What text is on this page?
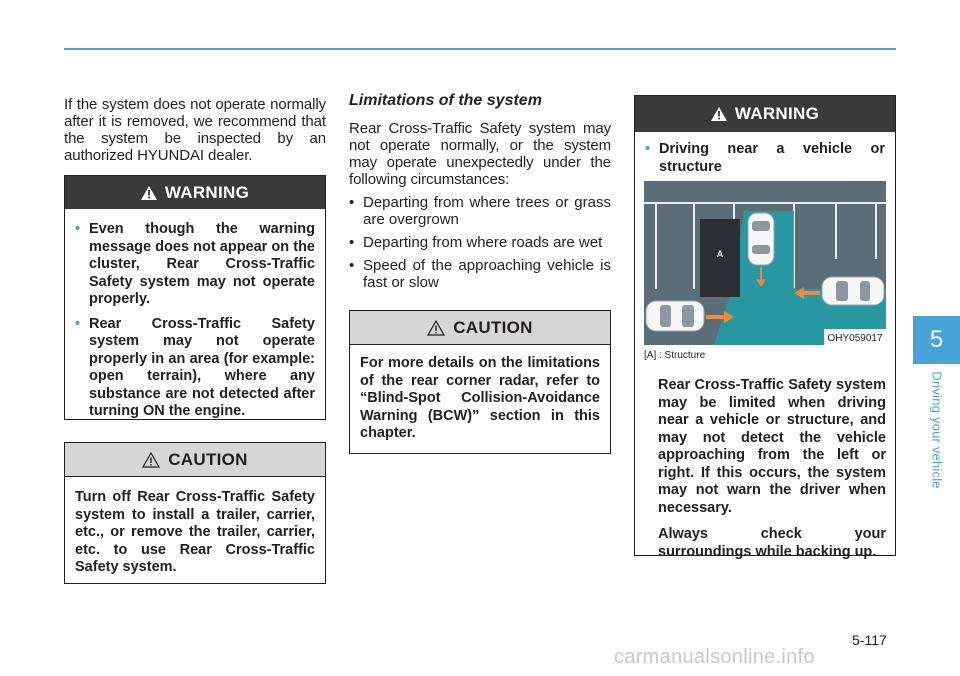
If the system does not operate normally after it is removed, we recommend that the system be inspected by an authorized HYUNDAI dealer.

WARNING
• Even though the warning message does not appear on the cluster, Rear Cross-Traffic Safety system may not operate properly.
• Rear Cross-Traffic Safety system may not operate properly in an area (for example: open terrain), where any substance are not detected after turning ON the engine.
CAUTION

Turn off Rear Cross-Traffic Safety system to install a trailer, carrier, etc., or remove the trailer, carrier, etc. to use Rear Cross-Traffic Safety system.

Limitations of the system

Rear Cross-Traffic Safety system may not operate normally, or the system may operate unexpectedly under the following circumstances:

• Departing from where trees or grass are overgrown
• Departing from where roads are wet
• Speed of the approaching vehicle is fast or slow
CAUTION

For more details on the limitations of the rear corner radar, refer to “Blind-Spot Collision-Avoidance Warning (BCW)” section in this chapter.

WARNING
• Driving near a vehicle or structure
A
OHY059017
[A] : Structure

Rear Cross-Traffic Safety system may be limited when driving near a vehicle or structure, and may not detect the vehicle approaching from the left or right. If this occurs, the system may not warn the driver when necessary.

Always check your surroundings while backing up.

5
Driving your vehicle
5-117
carmanualsonline.info
